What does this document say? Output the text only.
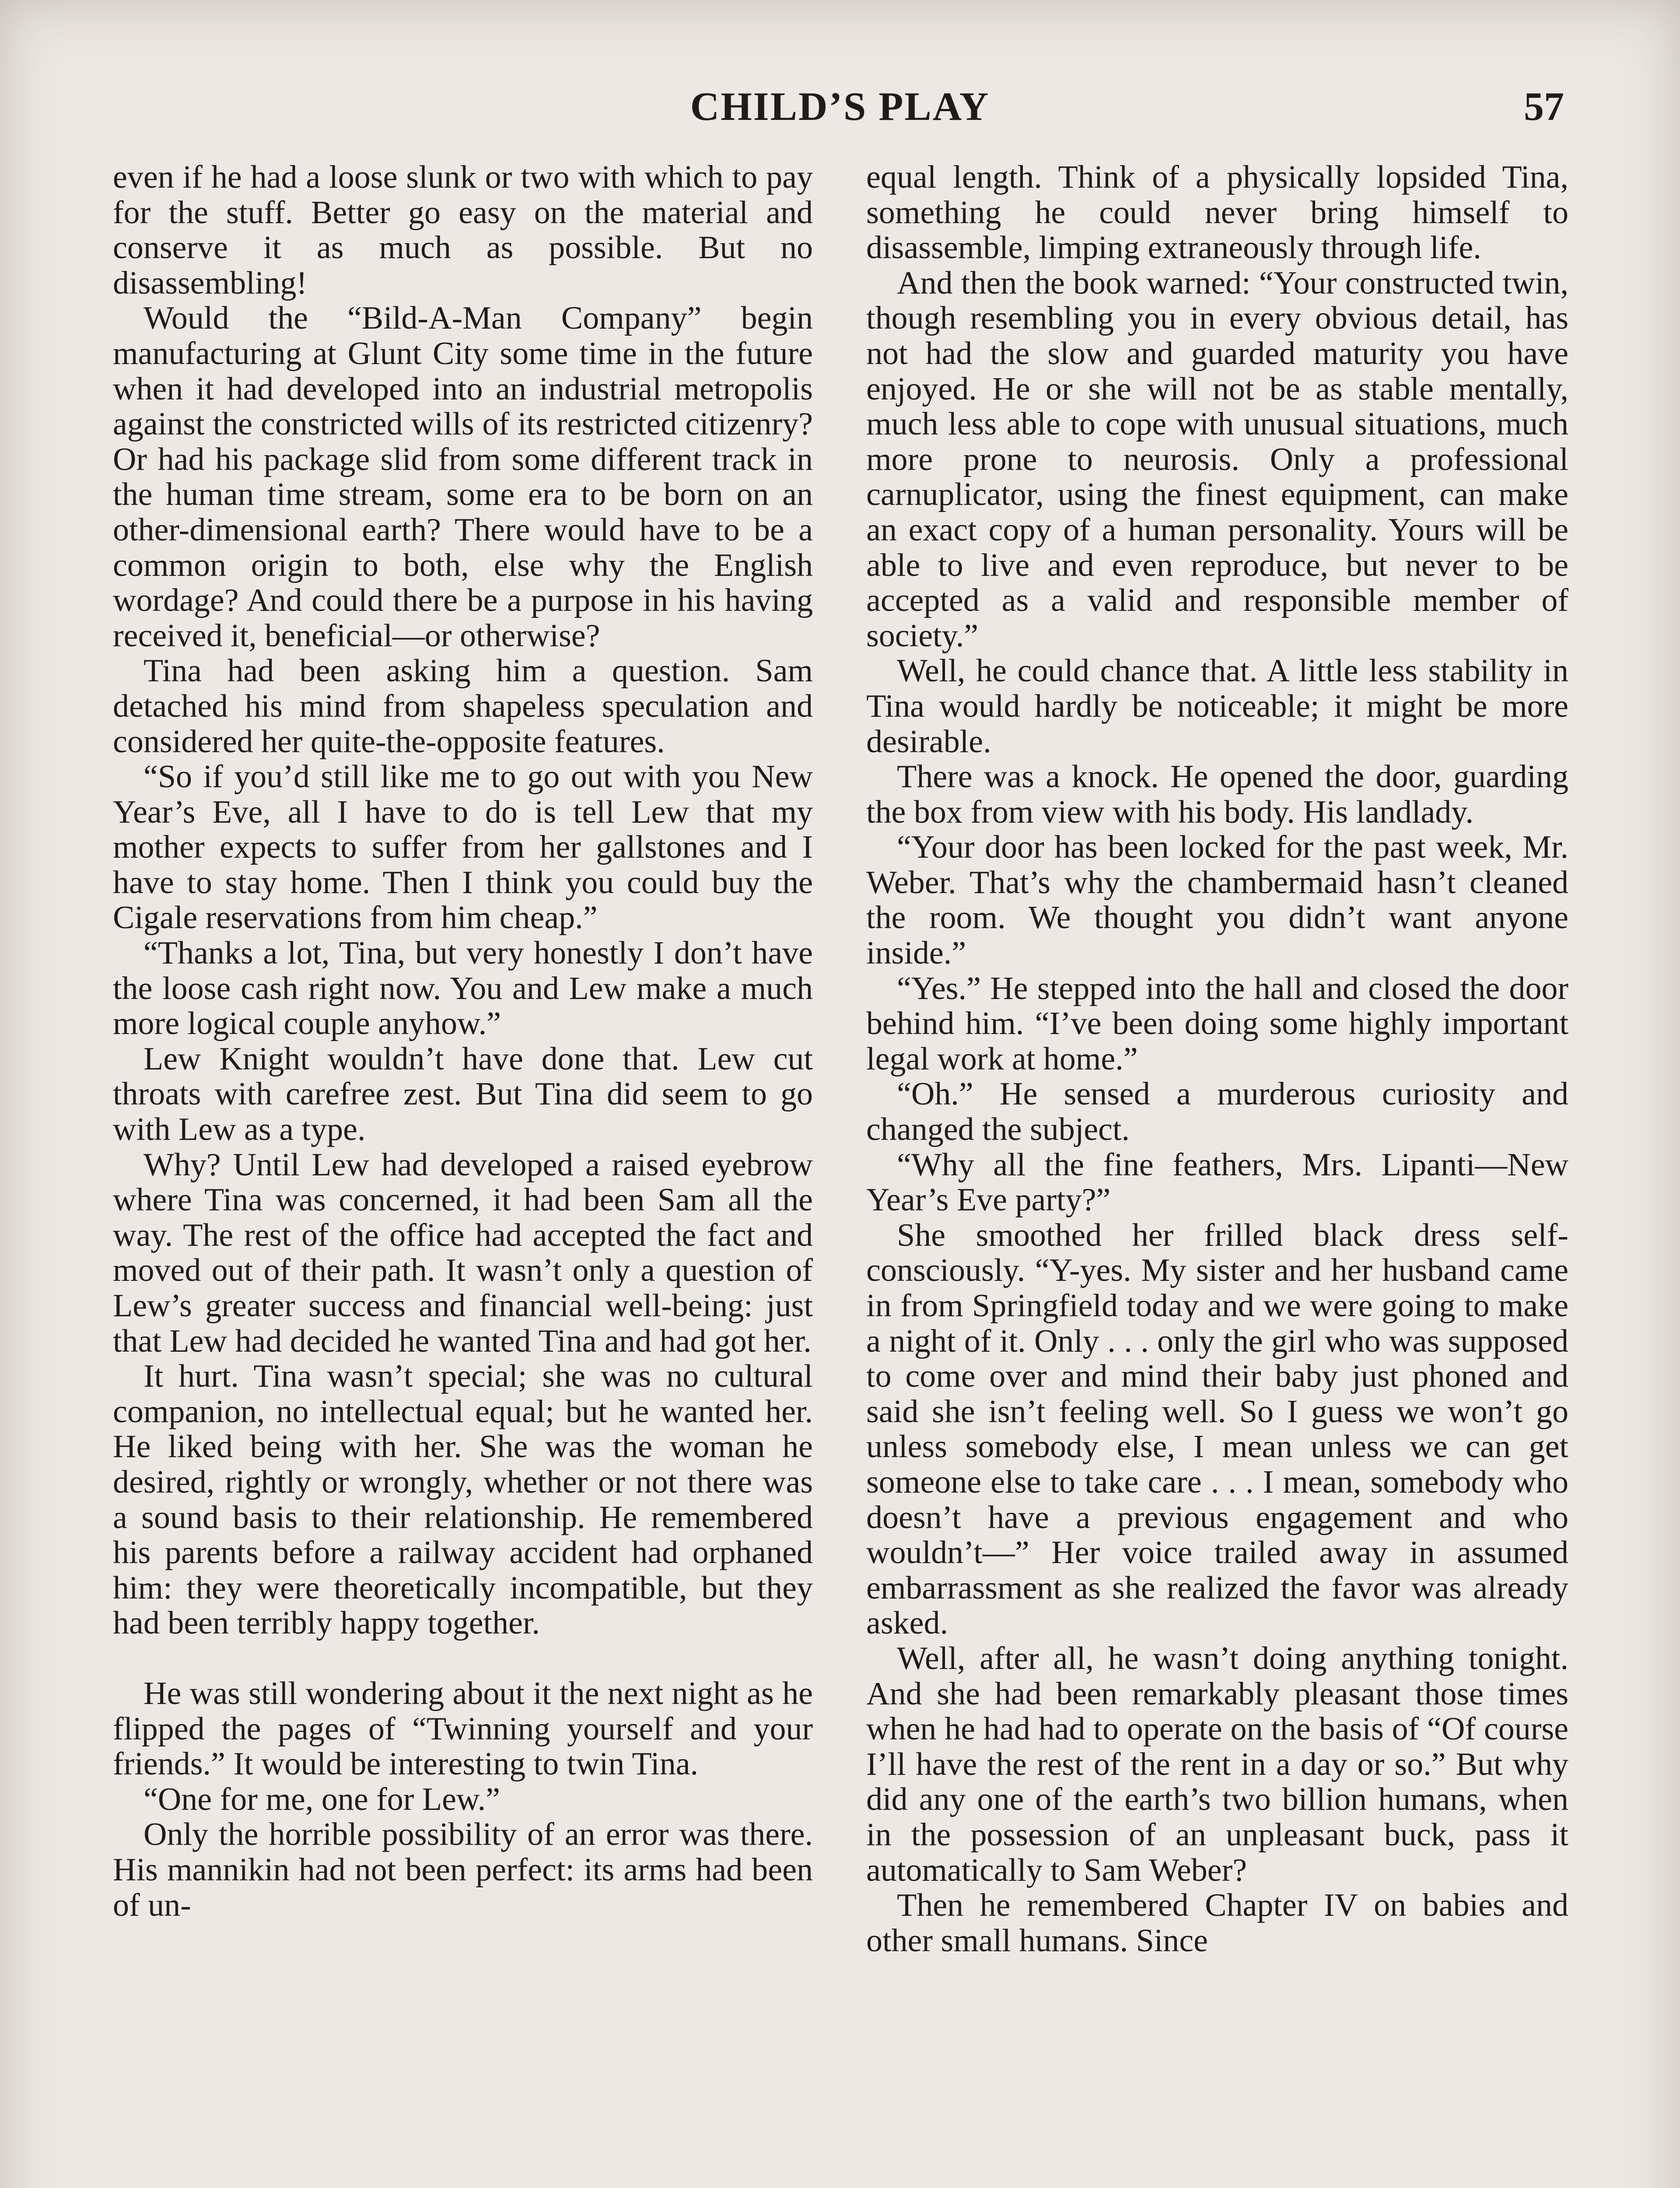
CHILD’S PLAY	57

even if he had a loose slunk or two with which to pay for the stuff. Better go easy on the material and conserve it as much as possible. But no disassembling!

Would the “Bild-A-Man Company” begin manufacturing at Glunt City some time in the future when it had developed into an industrial metropolis against the constricted wills of its restricted citizenry? Or had his package slid from some different track in the human time stream, some era to be born on an other-dimensional earth? There would have to be a common origin to both, else why the English wordage? And could there be a purpose in his having received it, beneficial—or otherwise?

Tina had been asking him a question. Sam detached his mind from shapeless speculation and considered her quite-the-opposite features.

“So if you’d still like me to go out with you New Year’s Eve, all I have to do is tell Lew that my mother expects to suffer from her gallstones and I have to stay home. Then I think you could buy the Cigale reservations from him cheap.”

“Thanks a lot, Tina, but very honestly I don’t have the loose cash right now. You and Lew make a much more logical couple anyhow.”

Lew Knight wouldn’t have done that. Lew cut throats with carefree zest. But Tina did seem to go with Lew as a type.

Why? Until Lew had developed a raised eyebrow where Tina was concerned, it had been Sam all the way. The rest of the office had accepted the fact and moved out of their path. It wasn’t only a question of Lew’s greater success and financial well-being: just that Lew had decided he wanted Tina and had got her.

It hurt. Tina wasn’t special; she was no cultural companion, no intellectual equal; but he wanted her. He liked being with her. She was the woman he desired, rightly or wrongly, whether or not there was a sound basis to their relationship. He remembered his parents before a railway accident had orphaned him: they were theoretically incompatible, but they had been terribly happy together.

He was still wondering about it the next night as he flipped the pages of “Twinning yourself and your friends.” It would be interesting to twin Tina.

“One for me, one for Lew.”

Only the horrible possibility of an error was there. His mannikin had not been perfect: its arms had been of un-

equal length. Think of a physically lopsided Tina, something he could never bring himself to disassemble, limping extraneously through life.

And then the book warned: “Your constructed twin, though resembling you in every obvious detail, has not had the slow and guarded maturity you have enjoyed. He or she will not be as stable mentally, much less able to cope with unusual situations, much more prone to neurosis. Only a professional carnuplicator, using the finest equipment, can make an exact copy of a human personality. Yours will be able to live and even reproduce, but never to be accepted as a valid and responsible member of society.”

Well, he could chance that. A little less stability in Tina would hardly be noticeable; it might be more desirable.

There was a knock. He opened the door, guarding the box from view with his body. His landlady.

“Your door has been locked for the past week, Mr. Weber. That’s why the chambermaid hasn’t cleaned the room. We thought you didn’t want anyone inside.”

“Yes.” He stepped into the hall and closed the door behind him. “I’ve been doing some highly important legal work at home.”

“Oh.” He sensed a murderous curiosity and changed the subject.

“Why all the fine feathers, Mrs. Lipanti—New Year’s Eve party?”

She smoothed her frilled black dress self-consciously. “Y-yes. My sister and her husband came in from Springfield today and we were going to make a night of it. Only . . . only the girl who was supposed to come over and mind their baby just phoned and said she isn’t feeling well. So I guess we won’t go unless somebody else, I mean unless we can get someone else to take care . . . I mean, somebody who doesn’t have a previous engagement and who wouldn’t—” Her voice trailed away in assumed embarrassment as she realized the favor was already asked.

Well, after all, he wasn’t doing anything tonight. And she had been remarkably pleasant those times when he had had to operate on the basis of “Of course I’ll have the rest of the rent in a day or so.” But why did any one of the earth’s two billion humans, when in the possession of an unpleasant buck, pass it automatically to Sam Weber?

Then he remembered Chapter IV on babies and other small humans. Since
